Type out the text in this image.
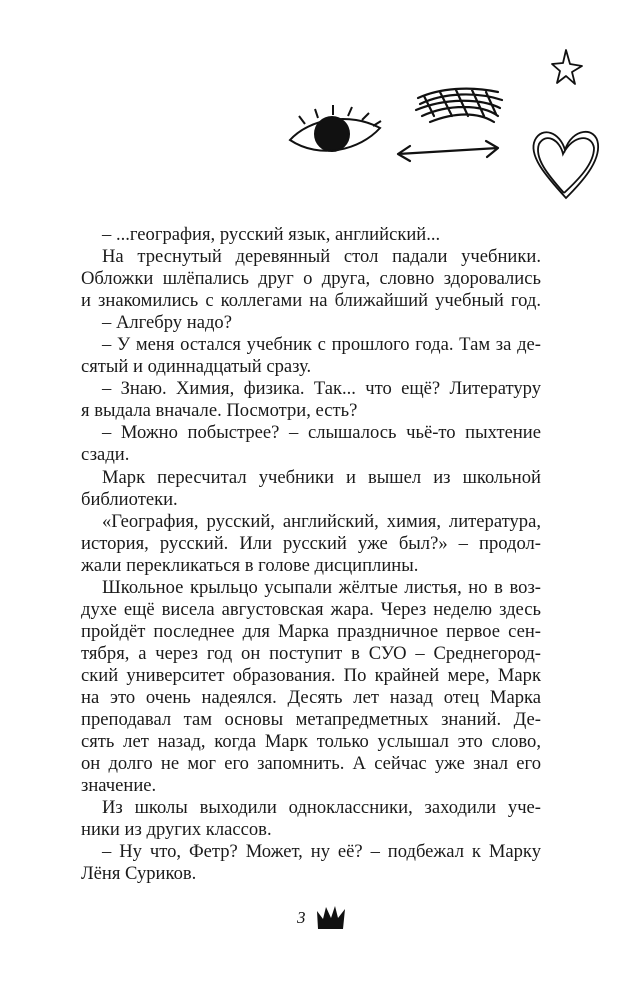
– ...география, русский язык, английский...
На треснутый деревянный стол падали учебники.
Обложки шлёпались друг о друга, словно здоровались
и знакомились с коллегами на ближайший учебный год.
– Алгебру надо?
– У меня остался учебник с прошлого года. Там за де-
сятый и одиннадцатый сразу.
– Знаю. Химия, физика. Так... что ещё? Литературу
я выдала вначале. Посмотри, есть?
– Можно побыстрее? – слышалось чьё-то пыхтение
сзади.
Марк пересчитал учебники и вышел из школьной
библиотеки.
«География, русский, английский, химия, литература,
история, русский. Или русский уже был?» – продол-
жали перекликаться в голове дисциплины.
Школьное крыльцо усыпали жёлтые листья, но в воз-
духе ещё висела августовская жара. Через неделю здесь
пройдёт последнее для Марка праздничное первое сен-
тября, а через год он поступит в СУО – Среднегород-
ский университет образования. По крайней мере, Марк
на это очень надеялся. Десять лет назад отец Марка
преподавал там основы метапредметных знаний. Де-
сять лет назад, когда Марк только услышал это слово,
он долго не мог его запомнить. А сейчас уже знал его
значение.
Из школы выходили одноклассники, заходили уче-
ники из других классов.
– Ну что, Фетр? Может, ну её? – подбежал к Марку
Лёня Суриков.
3
